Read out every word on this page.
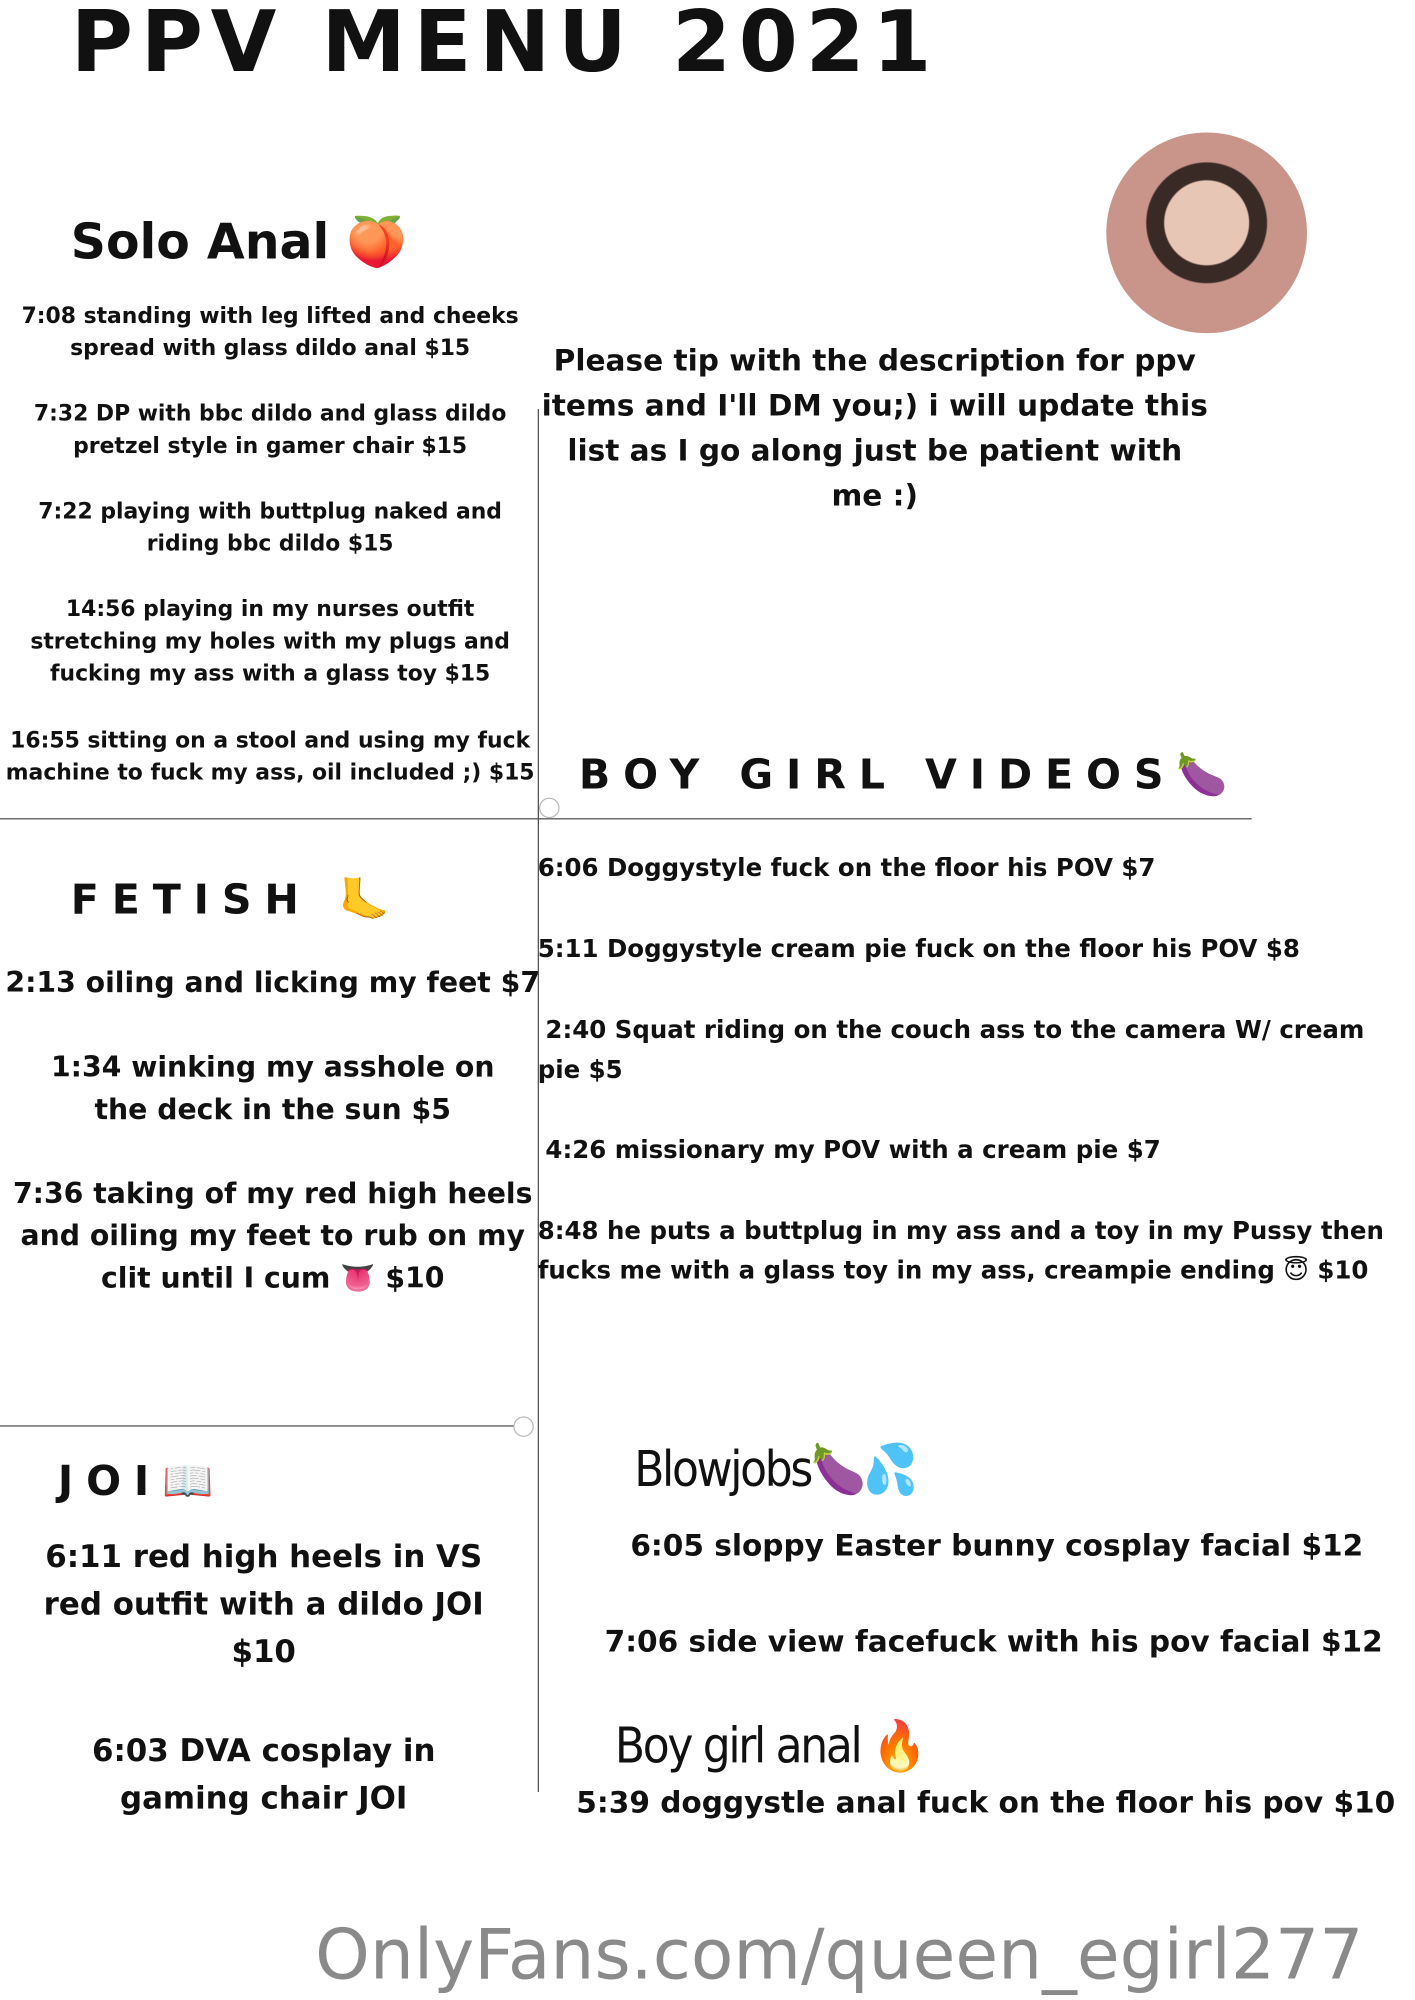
PPV MENU 2021
Solo Anal 🍑
7:08 standing with leg lifted and cheeks spread with glass dildo anal $15
7:32 DP with bbc dildo and glass dildo pretzel style in gamer chair $15
7:22 playing with buttplug naked and riding bbc dildo $15
14:56 playing in my nurses outfit stretching my holes with my plugs and fucking my ass with a glass toy $15
16:55 sitting on a stool and using my fuck machine to fuck my ass, oil included ;) $15
Please tip with the description for ppv items and I'll DM you;) i will update this list as I go along just be patient with me :)
BOY GIRL VIDEOS🍆
6:06 Doggystyle fuck on the floor his POV $7
5:11 Doggystyle cream pie fuck on the floor his POV $8
2:40 Squat riding on the couch ass to the camera W/ cream pie $5
4:26 missionary my POV with a cream pie $7
8:48 he puts a buttplug in my ass and a toy in my Pussy then fucks me with a glass toy in my ass, creampie ending 😇 $10
FETISH 🦶
2:13 oiling and licking my feet $7
1:34 winking my asshole on the deck in the sun $5
7:36 taking of my red high heels and oiling my feet to rub on my clit until I cum 👅 $10
JOI📖
6:11 red high heels in VS red outfit with a dildo JOI $10
6:03 DVA cosplay in gaming chair JOI
Blowjobs🍆💦
6:05 sloppy Easter bunny cosplay facial $12
7:06 side view facefuck with his pov facial $12
Boy girl anal 🔥
5:39 doggystle anal fuck on the floor his pov $10
OnlyFans.com/queen_egirl277
